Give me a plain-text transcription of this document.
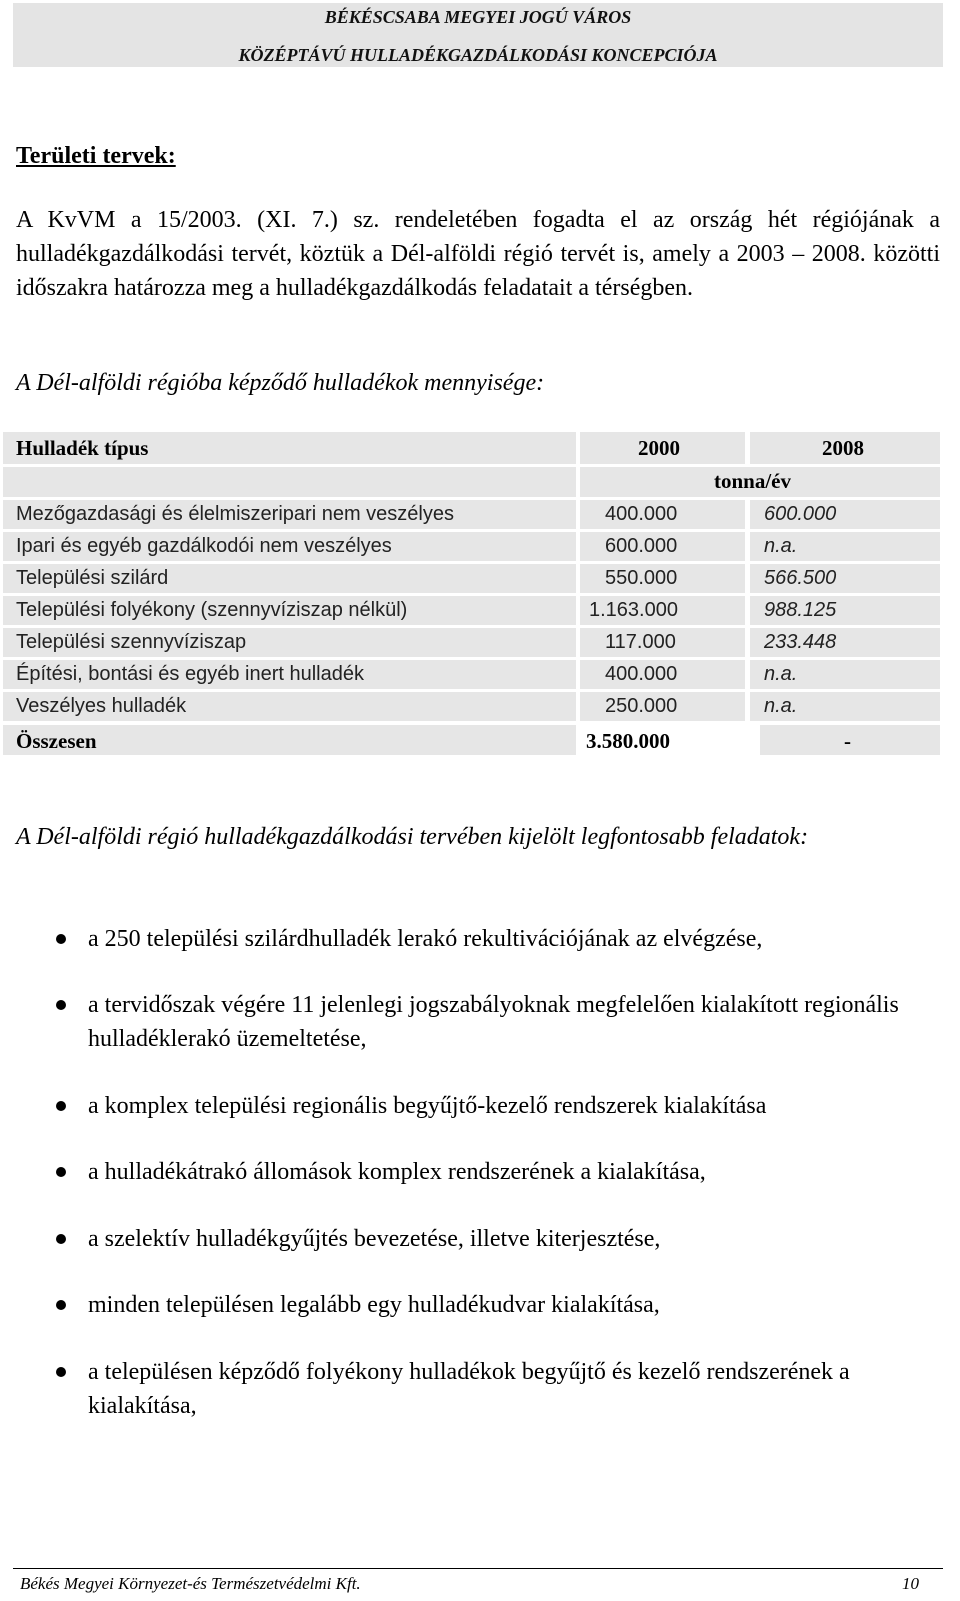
BÉKÉSCSABA MEGYEI JOGÚ VÁROS
KÖZÉPTÁVÚ HULLADÉKGAZDÁLKODÁSI KONCEPCIÓJA
Területi tervek:
A KvVM a 15/2003. (XI. 7.) sz. rendeletében fogadta el az ország hét régiójának a hulladékgazdálkodási tervét, köztük a Dél-alföldi régió tervét is, amely a 2003 – 2008. közötti időszakra határozza meg a hulladékgazdálkodás feladatait a térségben.
A Dél-alföldi régióba képződő hulladékok mennyisége:
Hulladék típus	2000	2008
tonna/év
Mezőgazdasági és élelmiszeripari nem veszélyes	400.000	600.000
Ipari és egyéb gazdálkodói nem veszélyes	600.000	n.a.
Települési szilárd	550.000	566.500
Települési folyékony (szennyvíziszap nélkül)	1.163.000	988.125
Települési szennyvíziszap	117.000	233.448
Építési, bontási és egyéb inert hulladék	400.000	n.a.
Veszélyes hulladék	250.000	n.a.
Összesen	3.580.000	-
A Dél-alföldi régió hulladékgazdálkodási tervében kijelölt legfontosabb feladatok:
a 250 települési szilárdhulladék lerakó rekultivációjának az elvégzése,
a tervidőszak végére 11 jelenlegi jogszabályoknak megfelelően kialakított regionális hulladéklerakó üzemeltetése,
a komplex települési regionális begyűjtő-kezelő rendszerek kialakítása
a hulladékátrakó állomások komplex rendszerének a kialakítása,
a szelektív hulladékgyűjtés bevezetése, illetve kiterjesztése,
minden településen legalább egy hulladékudvar kialakítása,
a településen képződő folyékony hulladékok begyűjtő és kezelő rendszerének a kialakítása,
Békés Megyei Környezet-és Természetvédelmi Kft.	10
